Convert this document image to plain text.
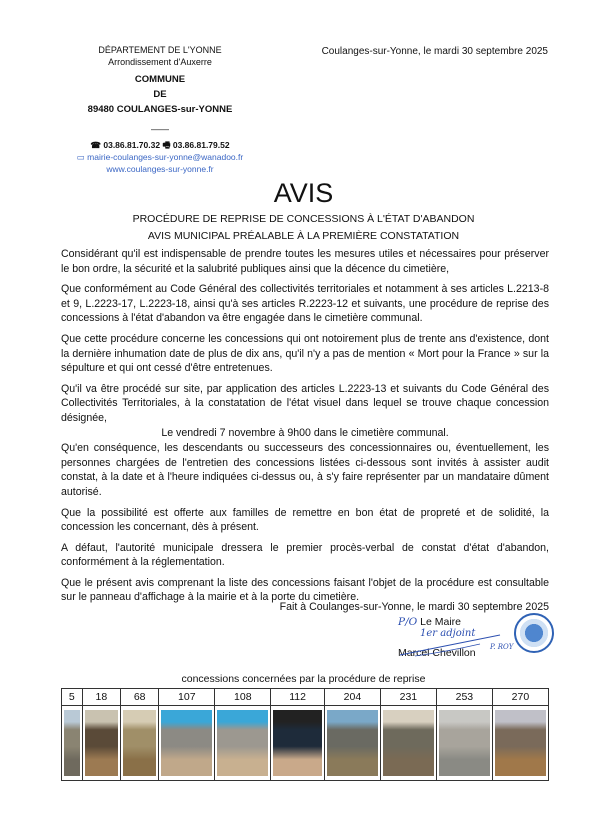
DÉPARTEMENT DE L'YONNE
Arrondissement d'Auxerre
COMMUNE
DE
89480 COULANGES-sur-YONNE
——
☎ 03.86.81.70.32 🖷 03.86.81.79.52
▭ mairie-coulanges-sur-yonne@wanadoo.fr
www.coulanges-sur-yonne.fr
Coulanges-sur-Yonne, le mardi 30 septembre 2025
AVIS
PROCÉDURE DE REPRISE DE CONCESSIONS À L'ÉTAT D'ABANDON
AVIS MUNICIPAL PRÉALABLE À LA PREMIÈRE CONSTATATION

Considérant qu'il est indispensable de prendre toutes les mesures utiles et nécessaires pour préserver le bon ordre, la sécurité et la salubrité publiques ainsi que la décence du cimetière,

Que conformément au Code Général des collectivités territoriales et notamment à ses articles L.2213-8 et 9, L.2223-17, L.2223-18, ainsi qu'à ses articles R.2223-12 et suivants, une procédure de reprise des concessions à l'état d'abandon va être engagée dans le cimetière communal.

Que cette procédure concerne les concessions qui ont notoirement plus de trente ans d'existence, dont la dernière inhumation date de plus de dix ans, qu'il n'y a pas de mention « Mort pour la France » sur la sépulture et qui ont cessé d'être entretenues.

Qu'il va être procédé sur site, par application des articles L.2223-13 et suivants du Code Général des Collectivités Territoriales, à la constatation de l'état visuel dans lequel se trouve chaque concession désignée,

Le vendredi 7 novembre à 9h00 dans le cimetière communal.

Qu'en conséquence, les descendants ou successeurs des concessionnaires ou, éventuellement, les personnes chargées de l'entretien des concessions listées ci-dessous sont invités à assister audit constat, à la date et à l'heure indiquées ci-dessus ou, à s'y faire représenter par un mandataire dûment autorisé.

Que la possibilité est offerte aux familles de remettre en bon état de propreté et de solidité, la concession les concernant, dès à présent.

A défaut, l'autorité municipale dressera le premier procès-verbal de constat d'état d'abandon, conformément à la réglementation.

Que le présent avis comprenant la liste des concessions faisant l'objet de la procédure est consultable sur le panneau d'affichage à la mairie et à la porte du cimetière.

Fait à Coulanges-sur-Yonne, le mardi 30 septembre 2025
P/O Le Maire
Marcel Chevillon
1er adjoint
P. ROY
concessions concernées par la procédure de reprise
5	18	68	107	108	112	204	231	253	270
